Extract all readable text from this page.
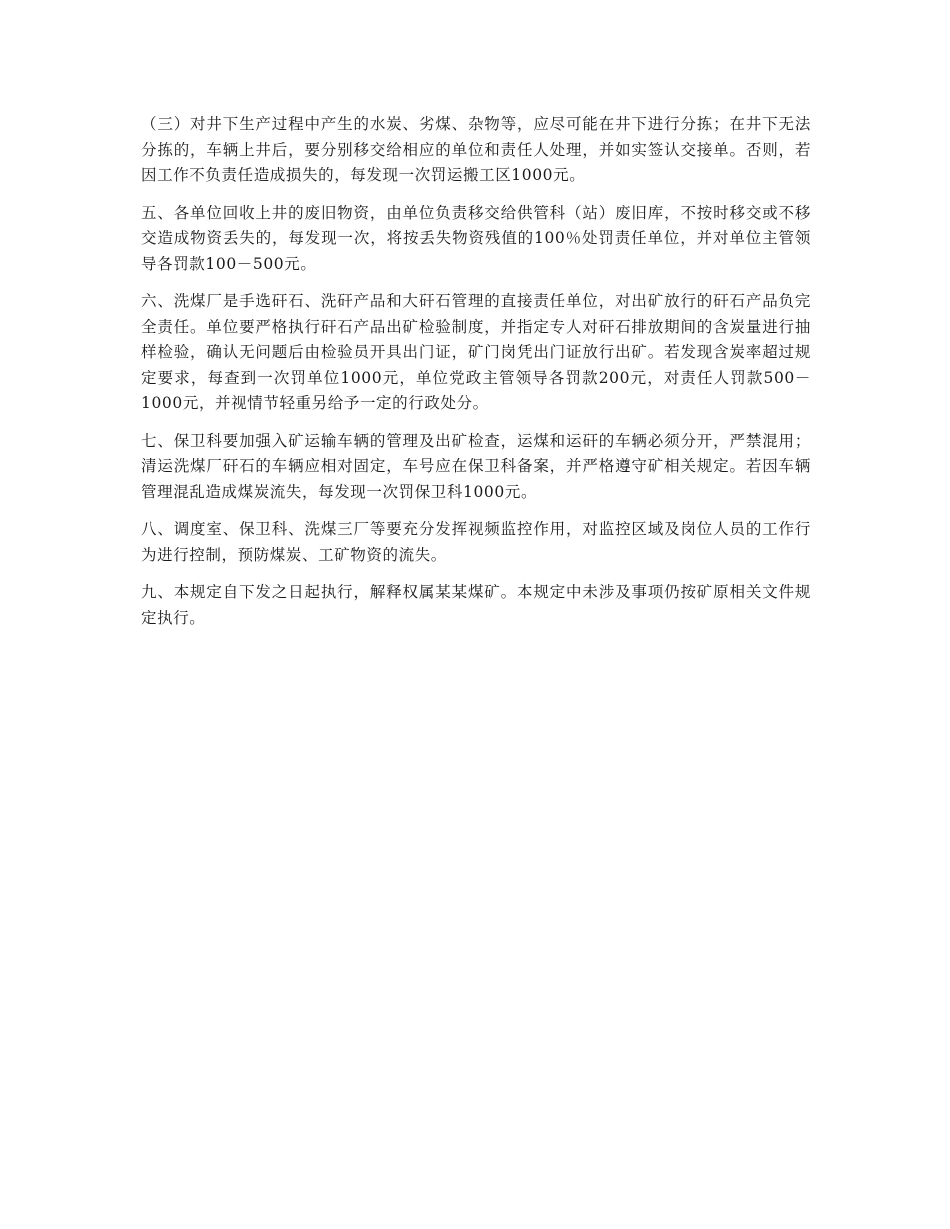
（三）对井下生产过程中产生的水炭、劣煤、杂物等，应尽可能在井下进行分拣；在井下无法分拣的，车辆上井后，要分别移交给相应的单位和责任人处理，并如实签认交接单。否则，若因工作不负责任造成损失的，每发现一次罚运搬工区1000元。

五、各单位回收上井的废旧物资，由单位负责移交给供管科（站）废旧库，不按时移交或不移交造成物资丢失的，每发现一次，将按丢失物资残值的100％处罚责任单位，并对单位主管领导各罚款100－500元。

六、洗煤厂是手选矸石、洗矸产品和大矸石管理的直接责任单位，对出矿放行的矸石产品负完全责任。单位要严格执行矸石产品出矿检验制度，并指定专人对矸石排放期间的含炭量进行抽样检验，确认无问题后由检验员开具出门证，矿门岗凭出门证放行出矿。若发现含炭率超过规定要求，每查到一次罚单位1000元，单位党政主管领导各罚款200元，对责任人罚款500－1000元，并视情节轻重另给予一定的行政处分。

七、保卫科要加强入矿运输车辆的管理及出矿检查，运煤和运矸的车辆必须分开，严禁混用；清运洗煤厂矸石的车辆应相对固定，车号应在保卫科备案，并严格遵守矿相关规定。若因车辆管理混乱造成煤炭流失，每发现一次罚保卫科1000元。

八、调度室、保卫科、洗煤三厂等要充分发挥视频监控作用，对监控区域及岗位人员的工作行为进行控制，预防煤炭、工矿物资的流失。

九、本规定自下发之日起执行，解释权属某某煤矿。本规定中未涉及事项仍按矿原相关文件规定执行。
